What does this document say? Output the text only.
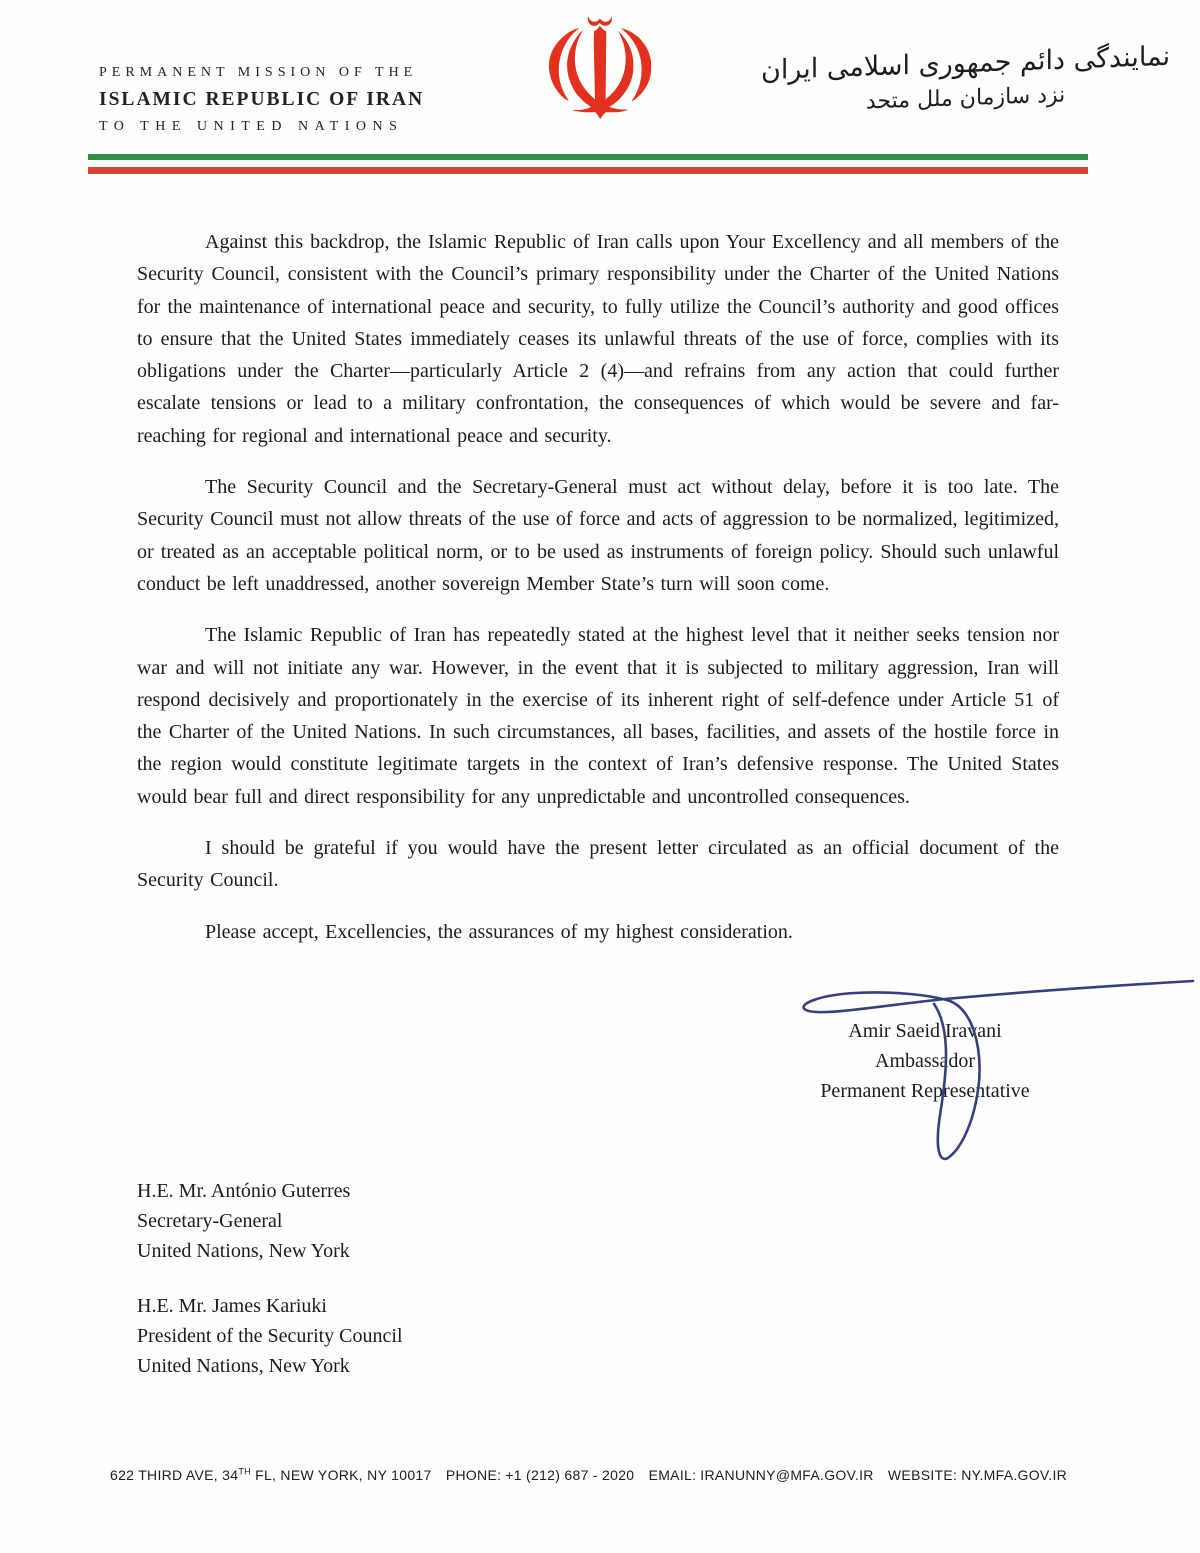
PERMANENT MISSION OF THE

ISLAMIC REPUBLIC OF IRAN

TO THE UNITED NATIONS ☫	نمایندگی دائم جمهوری اسلامی ایران
نزد سازمان ملل متحد

Against this backdrop, the Islamic Republic of Iran calls upon Your Excellency and all members of the Security Council, consistent with the Council’s primary responsibility under the Charter of the United Nations for the maintenance of international peace and security, to fully utilize the Council’s authority and good offices to ensure that the United States immediately ceases its unlawful threats of the use of force, complies with its obligations under the Charter—particularly Article 2 (4)—and refrains from any action that could further escalate tensions or lead to a military confrontation, the consequences of which would be severe and far-reaching for regional and international peace and security.

The Security Council and the Secretary-General must act without delay, before it is too late. The Security Council must not allow threats of the use of force and acts of aggression to be normalized, legitimized, or treated as an acceptable political norm, or to be used as instruments of foreign policy. Should such unlawful conduct be left unaddressed, another sovereign Member State’s turn will soon come.

The Islamic Republic of Iran has repeatedly stated at the highest level that it neither seeks tension nor war and will not initiate any war. However, in the event that it is subjected to military aggression, Iran will respond decisively and proportionately in the exercise of its inherent right of self-defence under Article 51 of the Charter of the United Nations. In such circumstances, all bases, facilities, and assets of the hostile force in the region would constitute legitimate targets in the context of Iran’s defensive response. The United States would bear full and direct responsibility for any unpredictable and uncontrolled consequences.

I should be grateful if you would have the present letter circulated as an official document of the Security Council.

Please accept, Excellencies, the assurances of my highest consideration.

Amir Saeid Iravani
Ambassador
Permanent Representative
H.E. Mr. António Guterres
Secretary-General
United Nations, New York
H.E. Mr. James Kariuki
President of the Security Council
United Nations, New York
622 THIRD AVE, 34TH FL, NEW YORK, NY 10017 PHONE: +1 (212) 687 - 2020 EMAIL: IRANUNNY@MFA.GOV.IR WEBSITE: NY.MFA.GOV.IR
